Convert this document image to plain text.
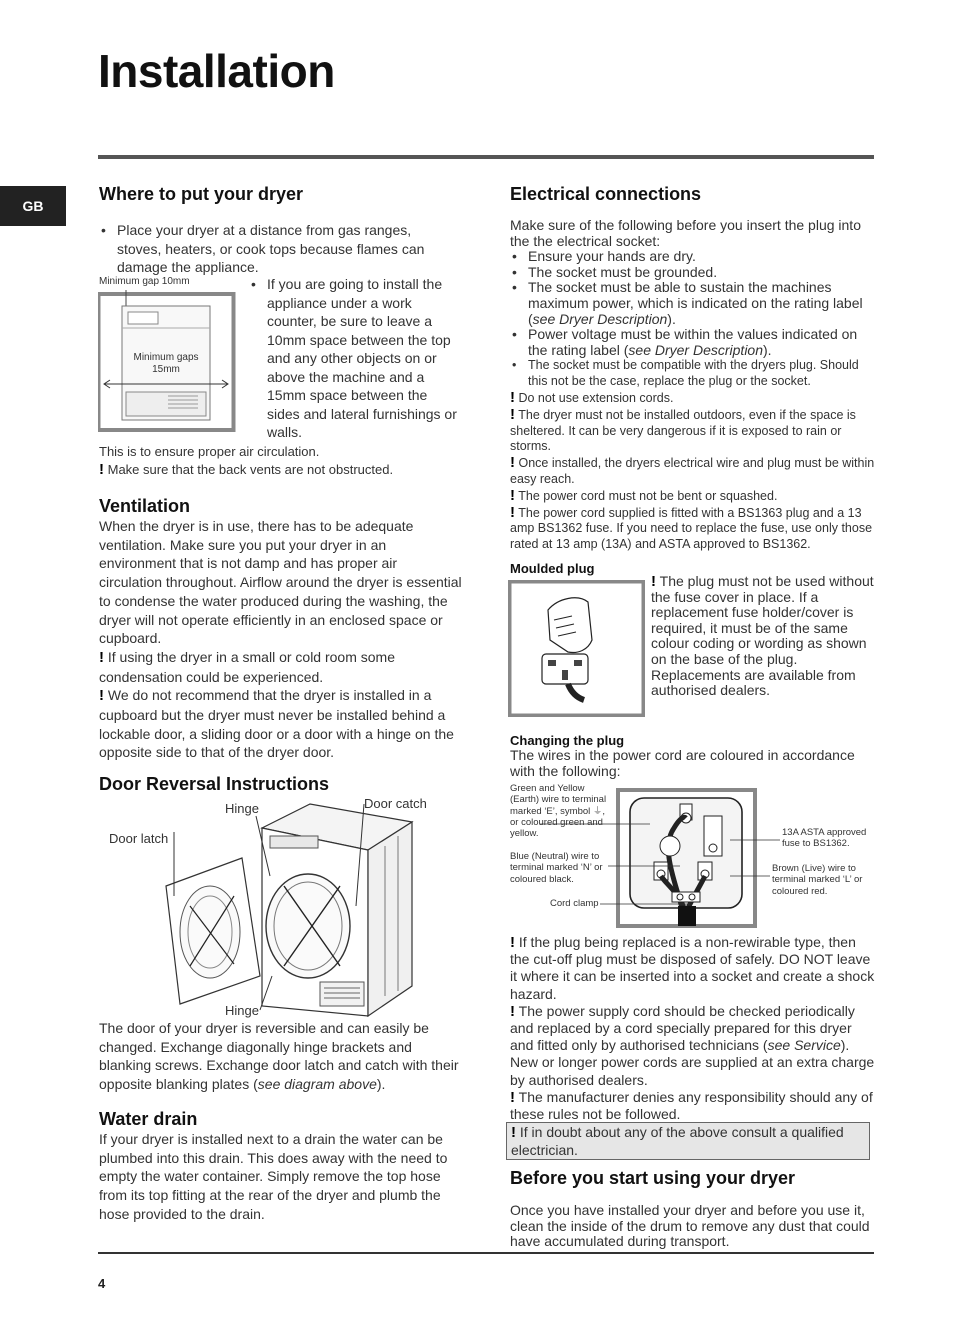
Installation
GB
Where to put your dryer
• Place your dryer at a distance from gas ranges, stoves, heaters, or cook tops because flames can damage the appliance.
Minimum gap 10mm
Minimum gaps 15mm
• If you are going to install the appliance under a work counter, be sure to leave a 10mm space between the top and any other objects on or above the machine and a 15mm space between the sides and lateral furnishings or walls.

This is to ensure proper air circulation.

! Make sure that the back vents are not obstructed.

Ventilation
When the dryer is in use, there has to be adequate ventilation. Make sure you put your dryer in an environment that is not damp and has proper air circulation throughout. Airflow around the dryer is essential to condense the water produced during the washing, the dryer will not operate efficiently in an enclosed space or cupboard.
! If using the dryer in a small or cold room some condensation could be experienced.
! We do not recommend that the dryer is installed in a cupboard but the dryer must never be installed behind a lockable door, a sliding door or a door with a hinge on the opposite side to that of the dryer door.
Door Reversal Instructions
Hinge	Door catch
Door latch
Hinge

The door of your dryer is reversible and can easily be changed. Exchange diagonally hinge brackets and blanking screws. Exchange door latch and catch with their opposite blanking plates (see diagram above).

Water drain

If your dryer is installed next to a drain the water can be plumbed into this drain. This does away with the need to empty the water container. Simply remove the top hose from its top fitting at the rear of the dryer and plumb the hose provided to the drain.

Electrical connections
Make sure of the following before you insert the plug into the the electrical socket:
• Ensure your hands are dry.
• The socket must be grounded.
• The socket must be able to sustain the machines maximum power, which is indicated on the rating label (see Dryer Description).
• Power voltage must be within the values indicated on the rating label (see Dryer Description).
• The socket must be compatible with the dryers plug. Should this not be the case, replace the plug or the socket.
! Do not use extension cords.
! The dryer must not be installed outdoors, even if the space is sheltered. It can be very dangerous if it is exposed to rain or storms.
! Once installed, the dryers electrical wire and plug must be within easy reach.
! The power cord must not be bent or squashed.
! The power cord supplied is fitted with a BS1363 plug and a 13 amp BS1362 fuse. If you need to replace the fuse, use only those rated at 13 amp (13A) and ASTA approved to BS1362.
Moulded plug
! The plug must not be used without the fuse cover in place. If a replacement fuse holder/cover is required, it must be of the same colour coding or wording as shown on the base of the plug.
Replacements are available from authorised dealers.
Changing the plug

The wires in the power cord are coloured in accordance with the following:

Green and Yellow (Earth) wire to terminal marked ‘E’, symbol ⏚, or coloured green and yellow.
Blue (Neutral) wire to terminal marked ‘N’ or coloured black.
Cord clamp
13A ASTA approved fuse to BS1362.
Brown (Live) wire to terminal marked ‘L’ or coloured red.
! If the plug being replaced is a non-rewirable type, then the cut-off plug must be disposed of safely. DO NOT leave it where it can be inserted into a socket and create a shock hazard.
! The power supply cord should be checked periodically and replaced by a cord specially prepared for this dryer and fitted only by authorised technicians (see Service). New or longer power cords are supplied at an extra charge by authorised dealers.
! The manufacturer denies any responsibility should any of these rules not be followed.
! If in doubt about any of the above consult a qualified electrician.
Before you start using your dryer

Once you have installed your dryer and before you use it, clean the inside of the drum to remove any dust that could have accumulated during transport.

4
